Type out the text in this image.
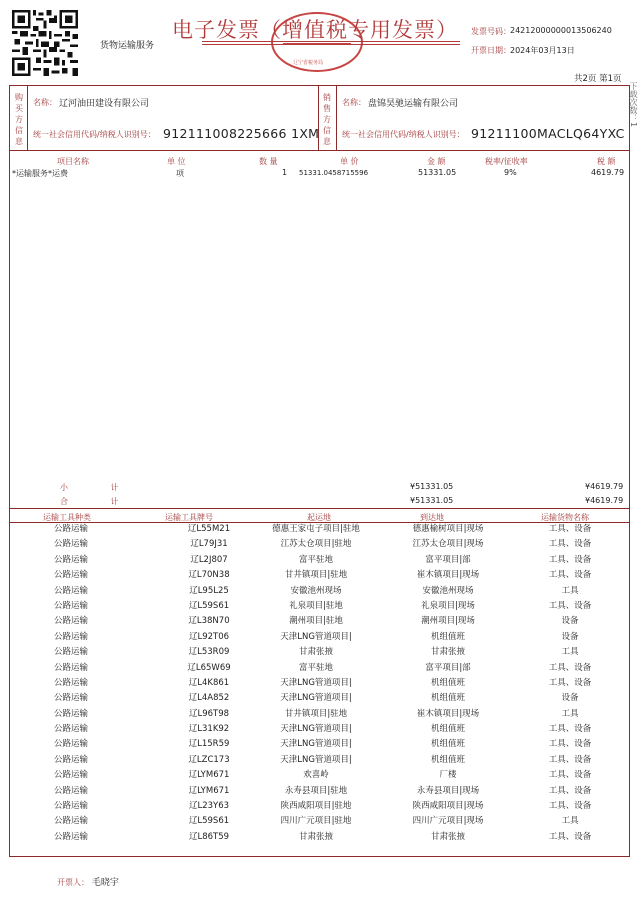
货物运输服务
辽宁省税务局
电子发票（增值税专用发票） 发票号码： 24212000000013506240
开票日期： 2024年03月13日
共2页 第1页
下载次数：1
购
买
方
信
息
名称： 辽河油田建设有限公司
统一社会信用代码/纳税人识别号： 912111008225666 1XM
销
售
方
信
息
名称： 盘锦昊驰运输有限公司
统一社会信用代码/纳税人识别号： 91211100MACLQ64YXC
项目名称	单 位	数 量	单 价	金 额	税率/征收率	税 额
*运输服务*运费	项	1 51331.0458715596	51331.05	9%	4619.79
小 计	¥51331.05	¥4619.79
合 计	¥51331.05	¥4619.79
运输工具种类	运输工具牌号	起运地	到达地	运输货物名称
公路运输	辽L55M21	德惠王家屯子项目|驻地	德惠榆树项目|现场	工具、设备
公路运输	辽L79J31	江苏太仓项目|驻地	江苏太仓项目|现场	工具、设备
公路运输	辽L2J807	富平驻地	富平项目|部	工具、设备
公路运输	辽L70N38	甘井镇项目|驻地	崔木镇项目|现场	工具、设备
公路运输	辽L95L25	安徽池州现场	安徽池州现场	工具
公路运输	辽L59S61	礼泉项目|驻地	礼泉项目|现场	工具、设备
公路运输	辽L38N70	潮州项目|驻地	潮州项目|现场	设备
公路运输	辽L92T06	天津LNG管道项目|	机组值班	设备
公路运输	辽L53R09	甘肃张掖	甘肃张掖	工具
公路运输	辽L65W69	富平驻地	富平项目|部	工具、设备
公路运输	辽L4K861	天津LNG管道项目|	机组值班	工具、设备
公路运输	辽L4A852	天津LNG管道项目|	机组值班	设备
公路运输	辽L96T98	甘井镇项目|驻地	崔木镇项目|现场	工具
公路运输	辽L31K92	天津LNG管道项目|	机组值班	工具、设备
公路运输	辽L15R59	天津LNG管道项目|	机组值班	工具、设备
公路运输	辽LZC173	天津LNG管道项目|	机组值班	工具、设备
公路运输	辽LYM671	欢喜岭	厂楼	工具、设备
公路运输	辽LYM671	永寿县项目|驻地	永寿县项目|现场	工具、设备
公路运输	辽L23Y63	陕西咸阳项目|驻地	陕西咸阳项目|现场	工具、设备
公路运输	辽L59S61	四川广元项目|驻地	四川广元项目|现场	工具
公路运输	辽L86T59	甘肃张掖	甘肃张掖	工具、设备
开票人： 毛晓宇
